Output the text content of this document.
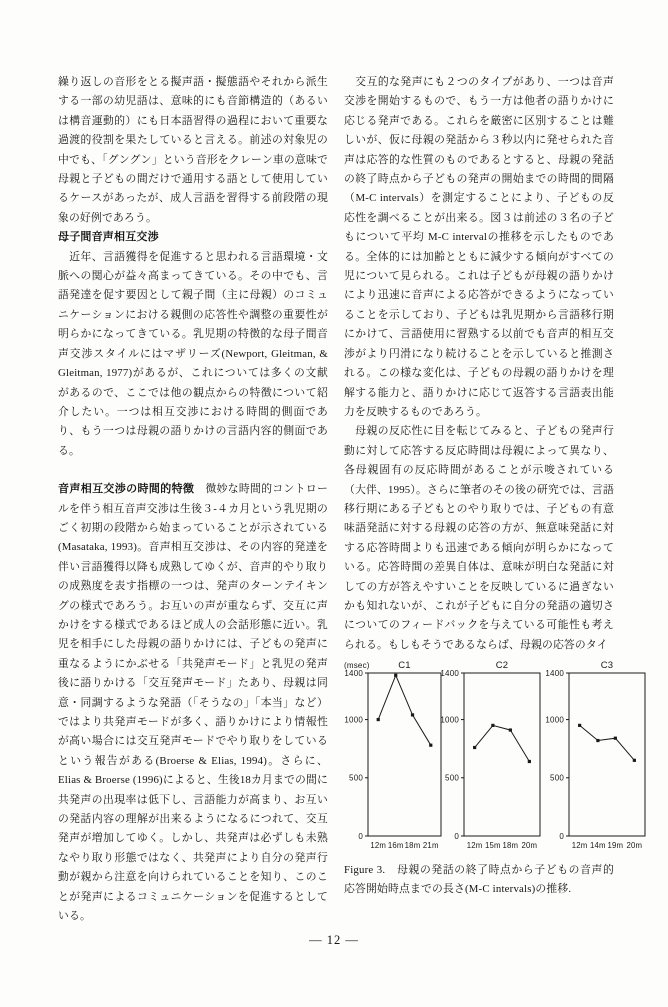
繰り返しの音形をとる擬声語・擬態語やそれから派生する一部の幼児語は、意味的にも音節構造的（あるいは構音運動的）にも日本語習得の過程において重要な過渡的役割を果たしていると言える。前述の対象児の中でも、「グングン」という音形をクレーン車の意味で母親と子どもの間だけで通用する語として使用しているケースがあったが、成人言語を習得する前段階の現象の好例であろう。

母子間音声相互交渉

　近年、言語獲得を促進すると思われる言語環境・文脈への関心が益々高まってきている。その中でも、言語発達を促す要因として親子間（主に母親）のコミュニケーションにおける親側の応答性や調整の重要性が明らかになってきている。乳児期の特徴的な母子間音声交渉スタイルにはマザリーズ(Newport, Gleitman, & Gleitman, 1977)があるが、これについては多くの文献があるので、ここでは他の観点からの特徴について紹介したい。一つは相互交渉における時間的側面であり、もう一つは母親の語りかけの言語内容的側面である。

音声相互交渉の時間的特徴　微妙な時間的コントロールを伴う相互音声交渉は生後３-４カ月という乳児期のごく初期の段階から始まっていることが示されている(Masataka, 1993)。音声相互交渉は、その内容的発達を伴い言語獲得以降も成熟してゆくが、音声的やり取りの成熟度を表す指標の一つは、発声のターンテイキングの様式であろう。お互いの声が重ならず、交互に声かけをする様式であるほど成人の会話形態に近い。乳児を相手にした母親の語りかけには、子どもの発声に重なるようにかぶせる「共発声モード」と乳児の発声後に語りかける「交互発声モード」たあり、母親は同意・同調するような発語（「そうなの」「本当」など）ではより共発声モードが多く、語りかけにより情報性が高い場合には交互発声モードでやり取りをしているという報告がある(Broerse & Elias, 1994)。さらに、Elias & Broerse (1996)によると、生後18カ月までの間に共発声の出現率は低下し、言語能力が高まり、お互いの発話内容の理解が出来るようになるにつれて、交互発声が増加してゆく。しかし、共発声は必ずしも未熟なやり取り形態ではなく、共発声により自分の発声行動が親から注意を向けられていることを知り、このことが発声によるコミュニケーションを促進するとしている。

　交互的な発声にも２つのタイプがあり、一つは音声交渉を開始するもので、もう一方は他者の語りかけに応じる発声である。これらを厳密に区別することは難しいが、仮に母親の発話から３秒以内に発せられた音声は応答的な性質のものであるとすると、母親の発話の終了時点から子どもの発声の開始までの時間的間隔（M-C intervals）を測定することにより、子どもの反応性を調べることが出来る。図３は前述の３名の子どもについて平均 M-C intervalの推移を示したものである。全体的には加齢とともに減少する傾向がすべての児について見られる。これは子どもが母親の語りかけにより迅速に音声による応答ができるようになっていることを示しており、子どもは乳児期から言語移行期にかけて、言語使用に習熟する以前でも音声的相互交渉がより円滑になり続けることを示していると推測される。この様な変化は、子どもの母親の語りかけを理解する能力と、語りかけに応じて返答する言語表出能力を反映するものであろう。

　母親の反応性に目を転じてみると、子どもの発声行動に対して応答する反応時間は母親によって異なり、各母親固有の反応時間があることが示唆されている（大伴、1995）。さらに筆者のその後の研究では、言語移行期にある子どもとのやり取りでは、子どもの有意味語発話に対する母親の応答の方が、無意味発話に対する応答時間よりも迅速である傾向が明らかになっている。応答時間の差異自体は、意味が明白な発話に対しての方が答えやすいことを反映しているに過ぎないかも知れないが、これが子どもに自分の発語の適切さについてのフィードバックを与えている可能性も考えられる。もしもそうであるならば、母親の応答のタイ

(msec)	C1
0
500
1000
1400
12m 16m 18m 21m
C2
0
500
1000
1400
12m 15m 18m 20m
C3
0
500
1000
1400
12m 14m 19m 20m
Figure 3.　母親の発話の終了時点から子どもの音声的応答開始時点までの長さ(M-C intervals)の推移.
— 12 —
